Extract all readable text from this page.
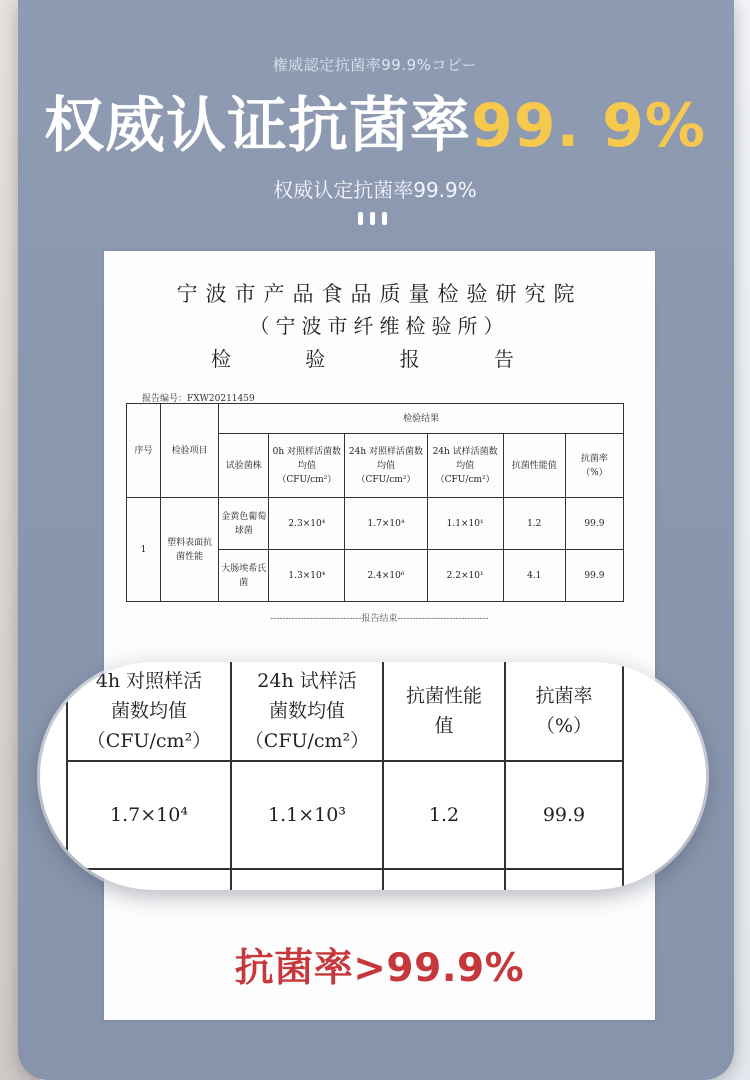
権威認定抗菌率99.9%コピー
权威认证抗菌率99. 9%
权威认定抗菌率99.9%
宁波市产品食品质量检验研究院
（宁波市纤维检验所）
检 验 报 告
报告编号：FXW20211459
序号	检验项目	检验结果					
		试验菌株	0h 对照样活菌数均值
（CFU/cm²）	24h 对照样活菌数均值
（CFU/cm²）	24h 试样活菌数均值
（CFU/cm²）	抗菌性能值	抗菌率
（%）
1	塑料表面抗菌性能	金黄色葡萄球菌	2.3×10⁴	1.7×10⁴	1.1×10¹	1.2	99.9
		大肠埃希氏菌	1.3×10⁴	2.4×10⁶	2.2×10¹	4.1	99.9
------------------------------报告结束------------------------------
抗菌率>99.9%
4h 对照样活
菌数均值
（CFU/cm²）	24h 试样活
菌数均值
（CFU/cm²）	抗菌性能
值	抗菌率
（%）
1.7×10⁴	1.1×10³	1.2	99.9
